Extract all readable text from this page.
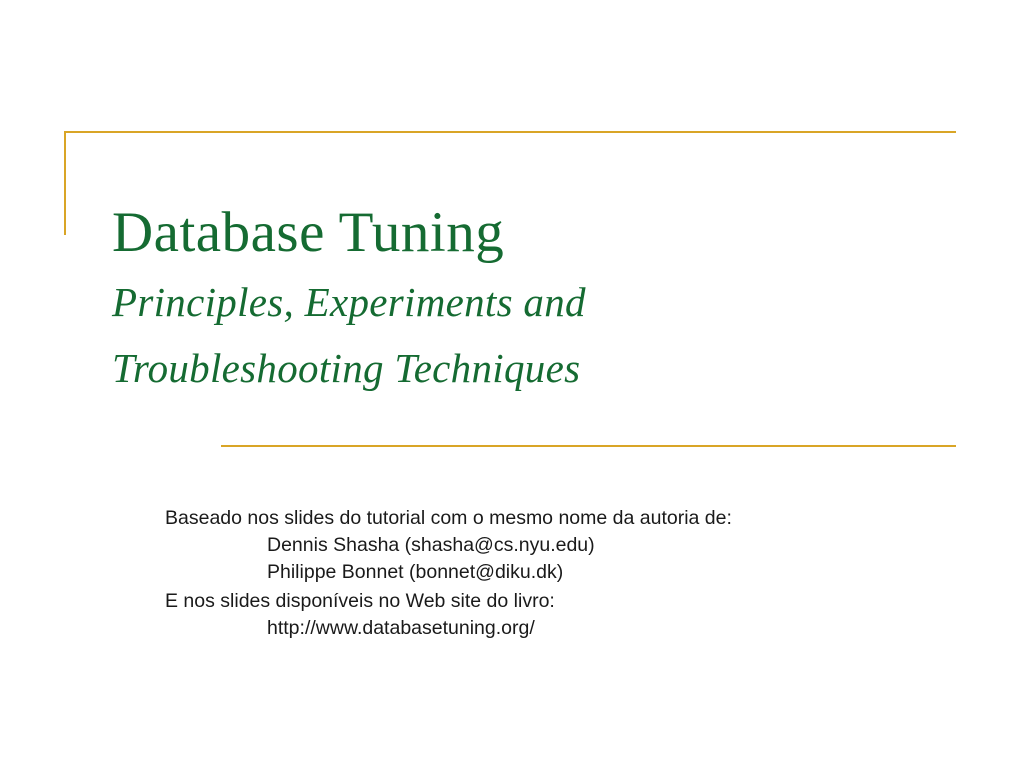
Database Tuning
Principles, Experiments and
Troubleshooting Techniques
Baseado nos slides do tutorial com o mesmo nome da autoria de:
Dennis Shasha (shasha@cs.nyu.edu)
Philippe Bonnet (bonnet@diku.dk)
E nos slides disponíveis no Web site do livro:
http://www.databasetuning.org/
